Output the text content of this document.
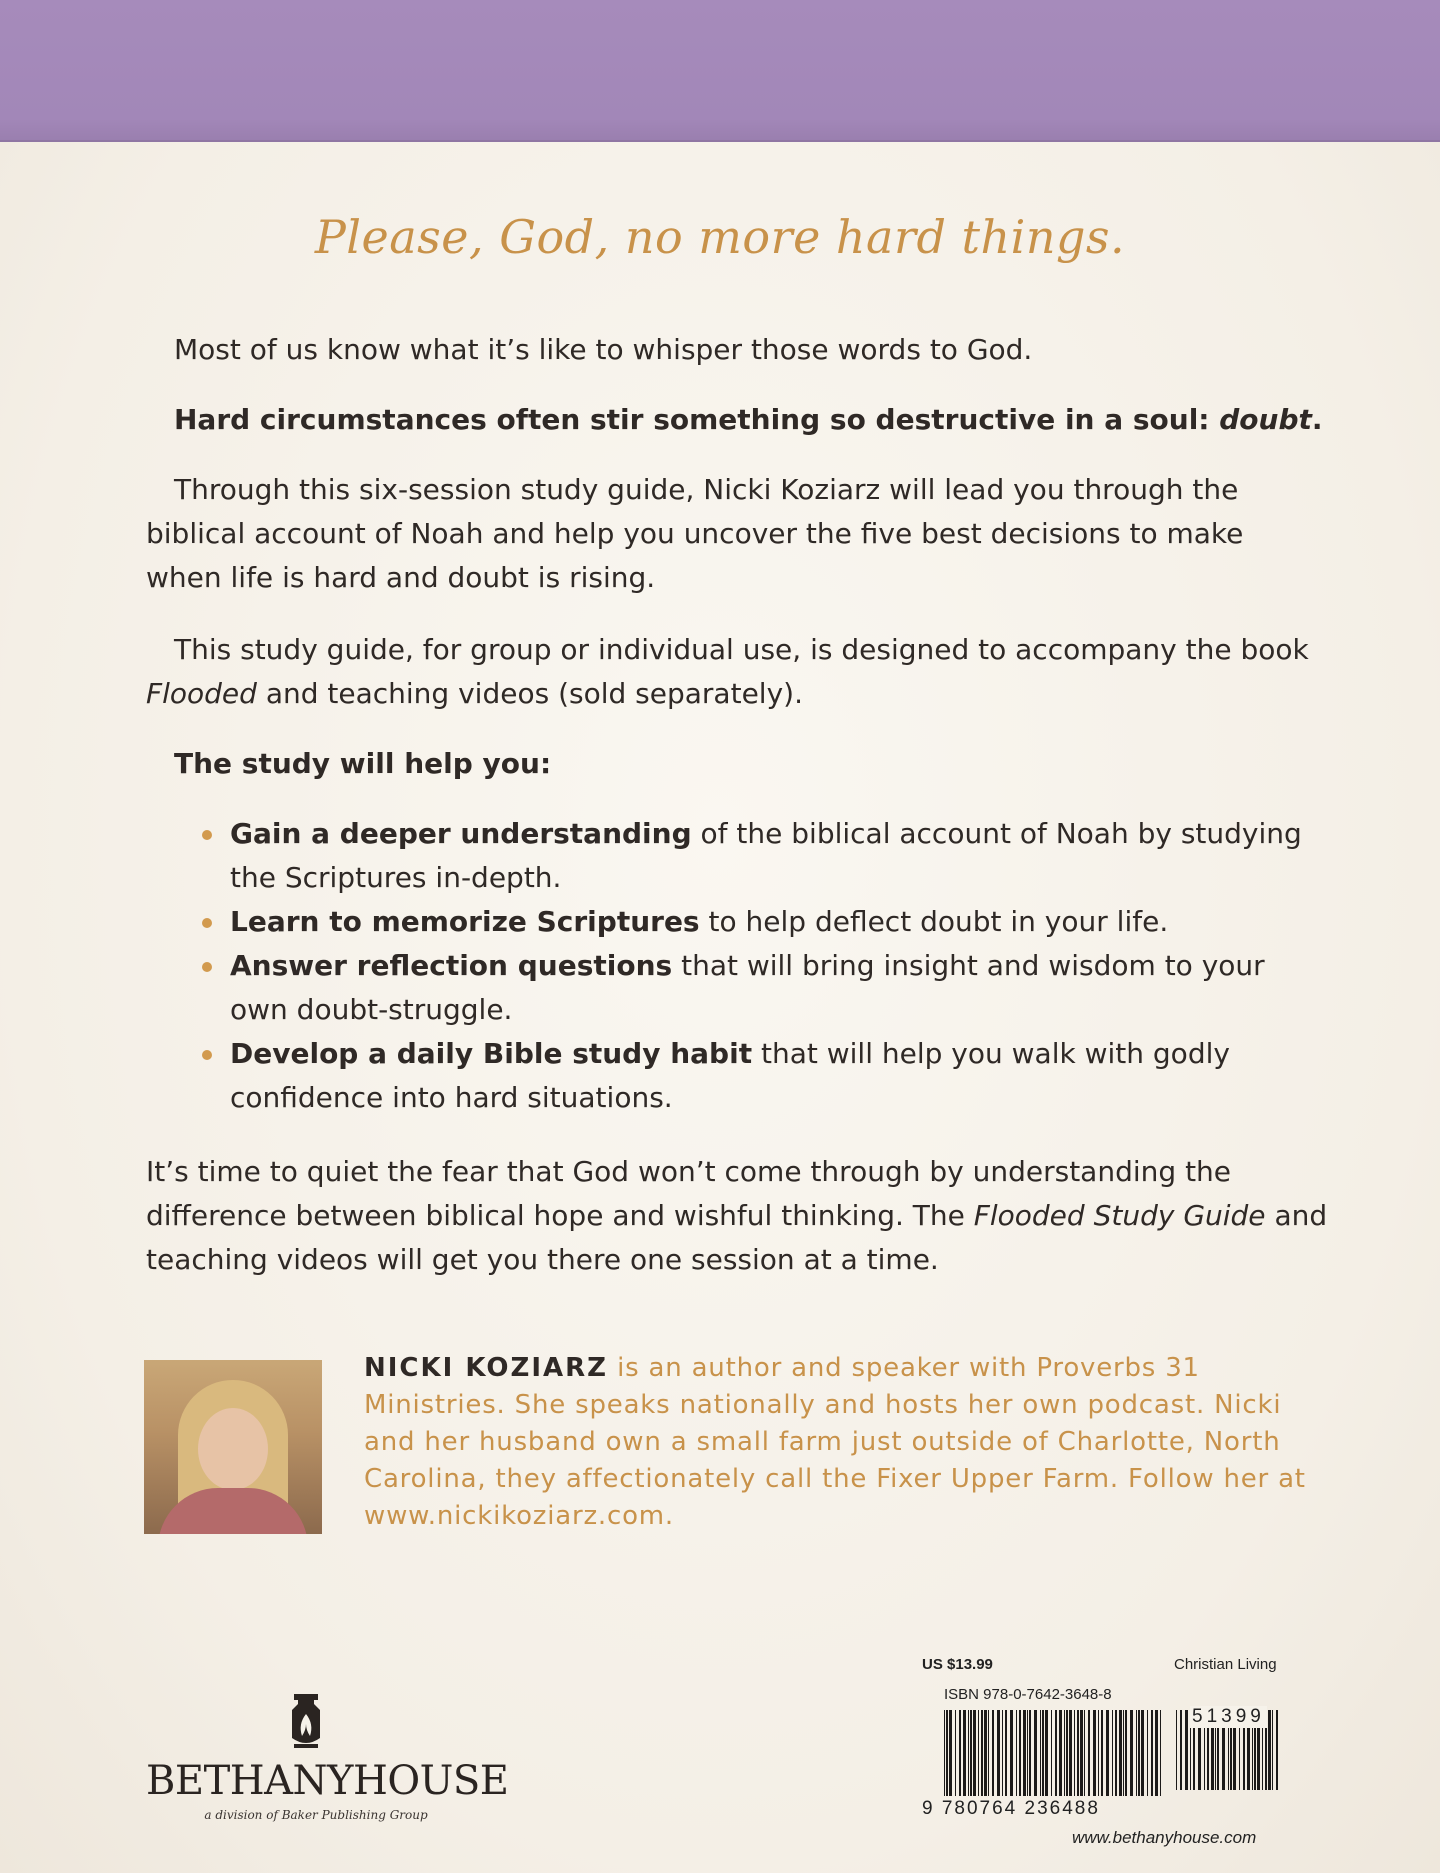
Please, God, no more hard things.
Most of us know what it’s like to whisper those words to God.
Hard circumstances often stir something so destructive in a soul: doubt.
Through this six-session study guide, Nicki Koziarz will lead you through the biblical account of Noah and help you uncover the five best decisions to make when life is hard and doubt is rising.
This study guide, for group or individual use, is designed to accompany the book Flooded and teaching videos (sold separately).
The study will help you:
Gain a deeper understanding of the biblical account of Noah by studying the Scriptures in-depth.
Learn to memorize Scriptures to help deflect doubt in your life.
Answer reflection questions that will bring insight and wisdom to your own doubt-struggle.
Develop a daily Bible study habit that will help you walk with godly confidence into hard situations.
It’s time to quiet the fear that God won’t come through by understanding the difference between biblical hope and wishful thinking. The Flooded Study Guide and teaching videos will get you there one session at a time.
NICKI KOZIARZ is an author and speaker with Proverbs 31 Ministries. She speaks nationally and hosts her own podcast. Nicki and her husband own a small farm just outside of Charlotte, North Carolina, they affectionately call the Fixer Upper Farm. Follow her at www.nickikoziarz.com.
BETHANYHOUSE
a division of Baker Publishing Group
US $13.99	Christian Living
ISBN 978-0-7642-3648-8
51399
9 780764 236488
www.bethanyhouse.com
